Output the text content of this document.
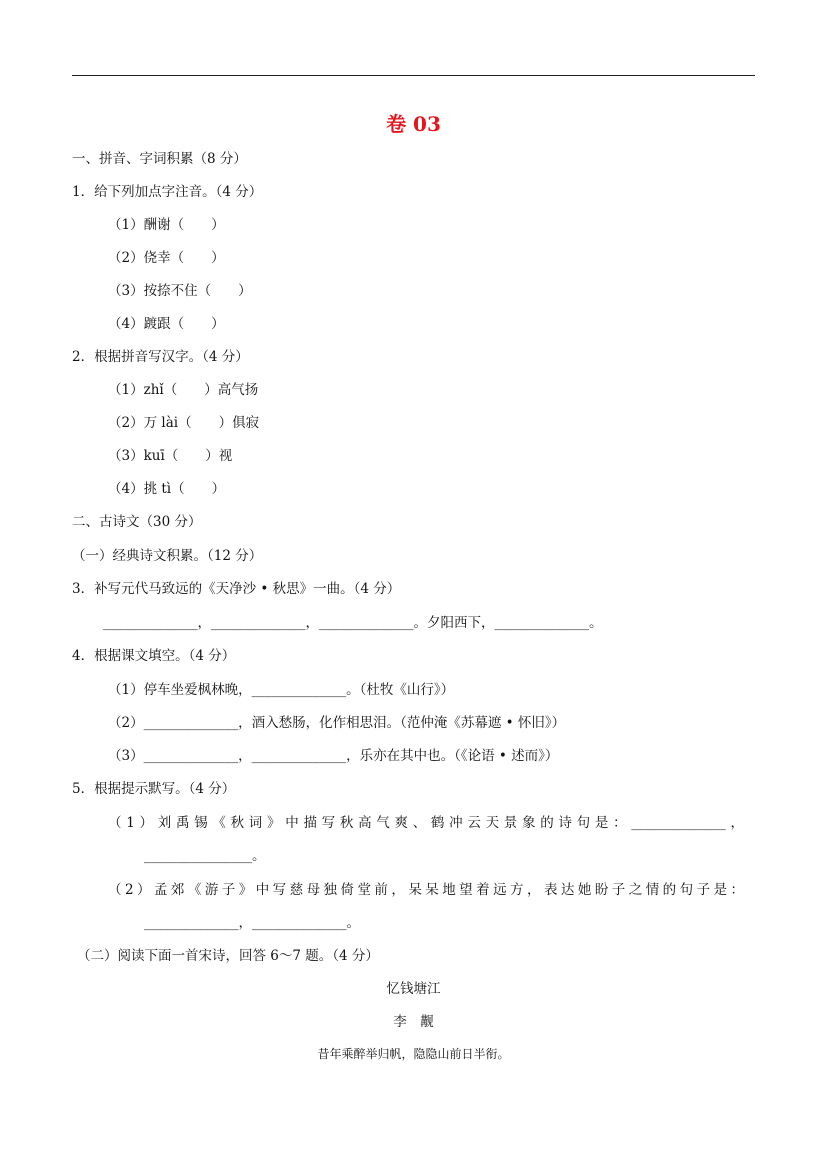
卷 03
一、拼音、字词积累（8 分）
1．给下列加点字注音。（4 分）
（1）酬谢（　　）
（2）侥幸（　　）
（3）按捺不住（　　）
（4）踱跟（　　）
2．根据拼音写汉字。（4 分）
（1）zhǐ（　　）高气扬
（2）万 lài（　　）俱寂
（3）kuī（　　）视
（4）挑 tì（　　）
二、古诗文（30 分）
（一）经典诗文积累。（12 分）
3．补写元代马致远的《天净沙 • 秋思》一曲。（4 分）
______________，______________，______________。夕阳西下，______________。
4．根据课文填空。（4 分）
（1）停车坐爱枫林晚，______________。（杜牧《山行》）
（2）______________，酒入愁肠，化作相思泪。（范仲淹《苏幕遮 • 怀旧》）
（3）______________，______________，乐亦在其中也。（《论语 • 述而》）
5．根据提示默写。（4 分）
（1）刘禹锡《秋词》中描写秋高气爽、鹤冲云天景象的诗句是：______________，
________________。
（2）孟郊《游子》中写慈母独倚堂前，呆呆地望着远方，表达她盼子之情的句子是：
______________，______________。
（二）阅读下面一首宋诗，回答 6～7 题。（4 分）
忆钱塘江
李　觏
昔年乘醉举归帆，隐隐山前日半衔。
